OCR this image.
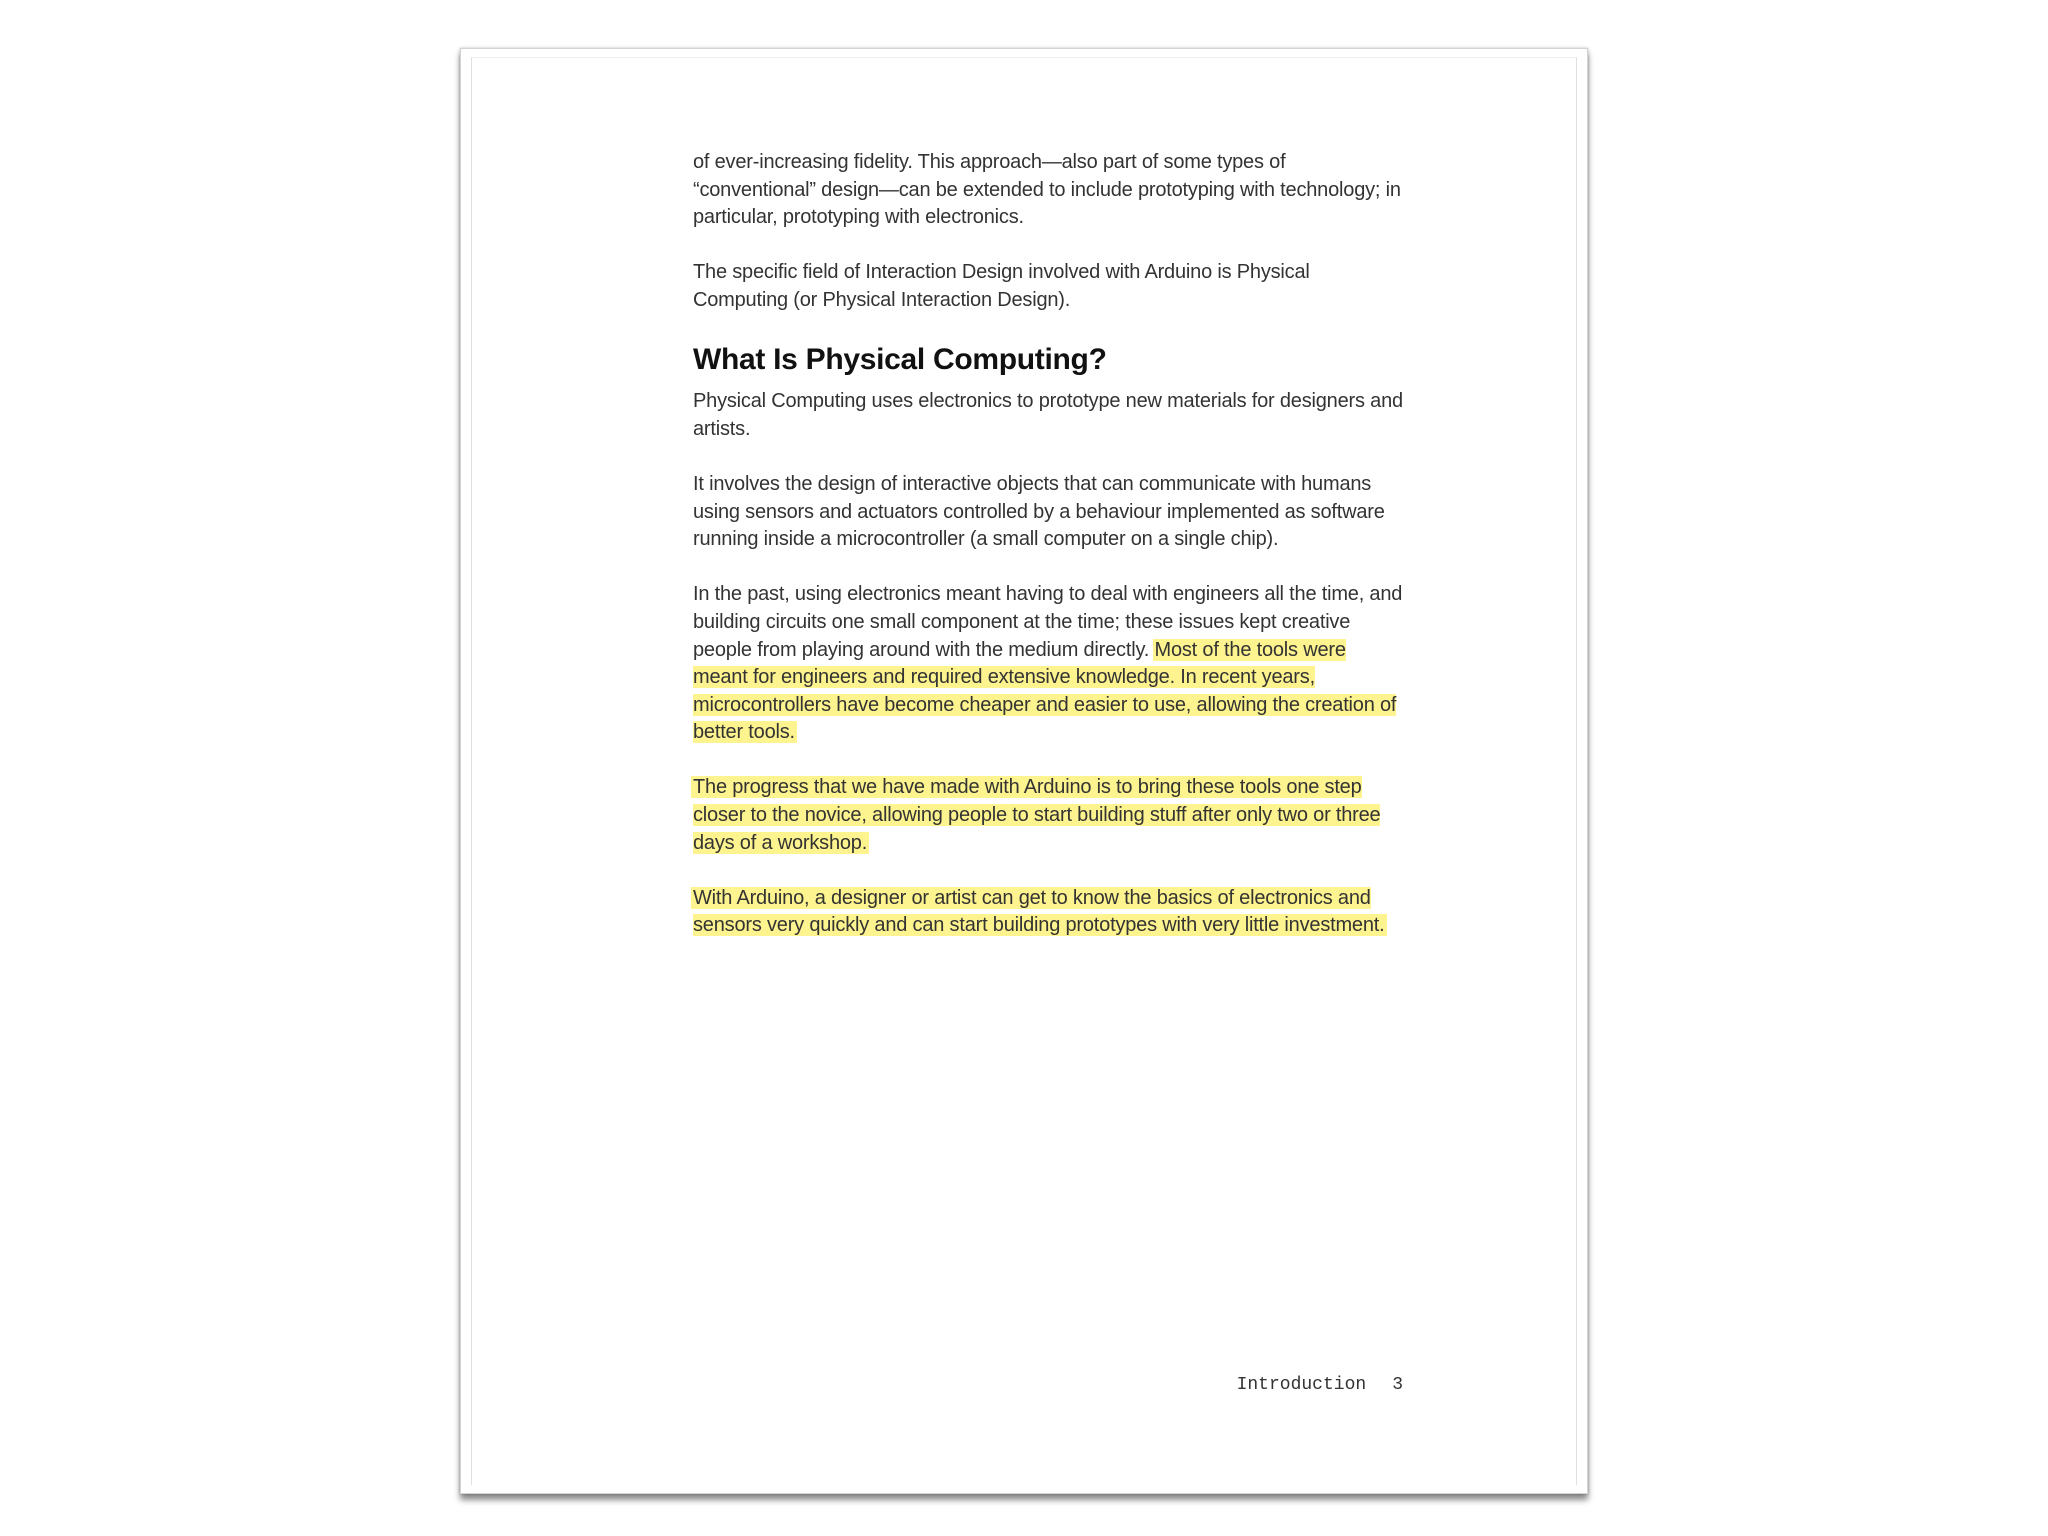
of ever-increasing fidelity. This approach—also part of some types of “conventional” design—can be extended to include prototyping with technology; in particular, prototyping with electronics.

The specific field of Interaction Design involved with Arduino is Physical Computing (or Physical Interaction Design).

What Is Physical Computing?

Physical Computing uses electronics to prototype new materials for designers and artists.

It involves the design of interactive objects that can communicate with humans using sensors and actuators controlled by a behaviour implemented as software running inside a microcontroller (a small computer on a single chip).

In the past, using electronics meant having to deal with engineers all the time, and building circuits one small component at the time; these issues kept creative people from playing around with the medium directly. Most of the tools were meant for engineers and required extensive knowledge. In recent years, microcontrollers have become cheaper and easier to use, allowing the creation of better tools.

The progress that we have made with Arduino is to bring these tools one step closer to the novice, allowing people to start building stuff after only two or three days of a workshop.

With Arduino, a designer or artist can get to know the basics of electronics and sensors very quickly and can start building prototypes with very little investment.

Introduction 3
